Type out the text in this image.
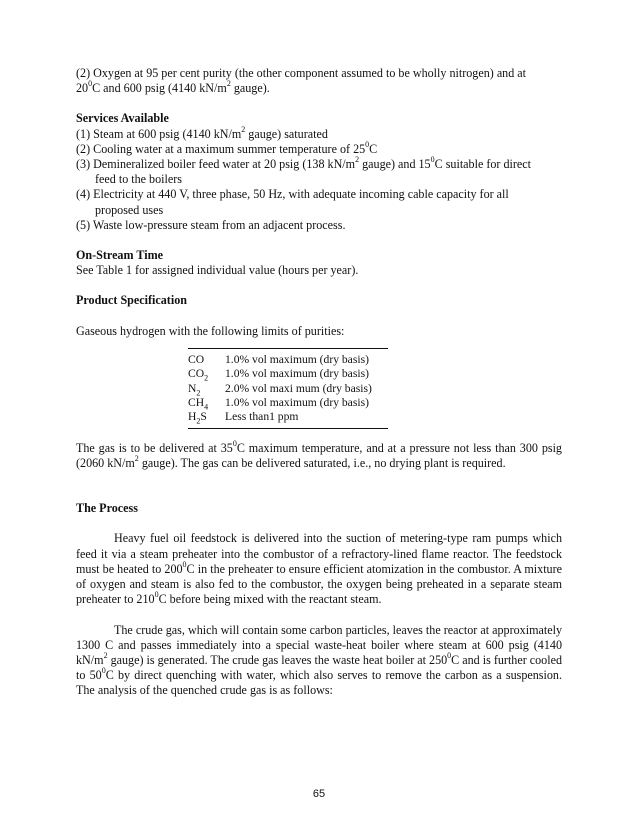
(2) Oxygen at 95 per cent purity (the other component assumed to be wholly nitrogen) and at

$20^0C$ and 600 psig (4140 $kN/m^2$ gauge).

Services Available

(1) Steam at 600 psig (4140 $kN/m^2$ gauge) saturated

(2) Cooling water at a maximum summer temperature of $25^0C$

(3) Demineralized boiler feed water at 20 psig (138 $kN/m^2$ gauge) and $15^0C$ suitable for direct

feed to the boilers

(4) Electricity at 440 V, three phase, 50 Hz, with adequate incoming cable capacity for all

proposed uses

(5) Waste low-pressure steam from an adjacent process.

On-Stream Time

See Table 1 for assigned individual value (hours per year).

Product Specification

Gaseous hydrogen with the following limits of purities:

CO	1.0% vol maximum (dry basis)
$CO_2$	1.0% vol maximum (dry basis)
$N_2$	2.0% vol maxi mum (dry basis)
$CH_4$	1.0% vol maximum (dry basis)
$H_2S$	Less than1 ppm

The gas is to be delivered at $35^0C$ maximum temperature, and at a pressure not less than 300 psig (2060 $kN/m^2$ gauge). The gas can be delivered saturated, i.e., no drying plant is required.

The Process

Heavy fuel oil feedstock is delivered into the suction of metering-type ram pumps which feed it via a steam preheater into the combustor of a refractory-lined flame reactor. The feedstock must be heated to $200^0C$ in the preheater to ensure efficient atomization in the combustor. A mixture of oxygen and steam is also fed to the combustor, the oxygen being preheated in a separate steam preheater to $210^0C$ before being mixed with the reactant steam.

The crude gas, which will contain some carbon particles, leaves the reactor at approximately 1300 C and passes immediately into a special waste-heat boiler where steam at 600 psig (4140 $kN/m^2$ gauge) is generated. The crude gas leaves the waste heat boiler at $250^0C$ and is further cooled to $50^0C$ by direct quenching with water, which also serves to remove the carbon as a suspension. The analysis of the quenched crude gas is as follows:

65
